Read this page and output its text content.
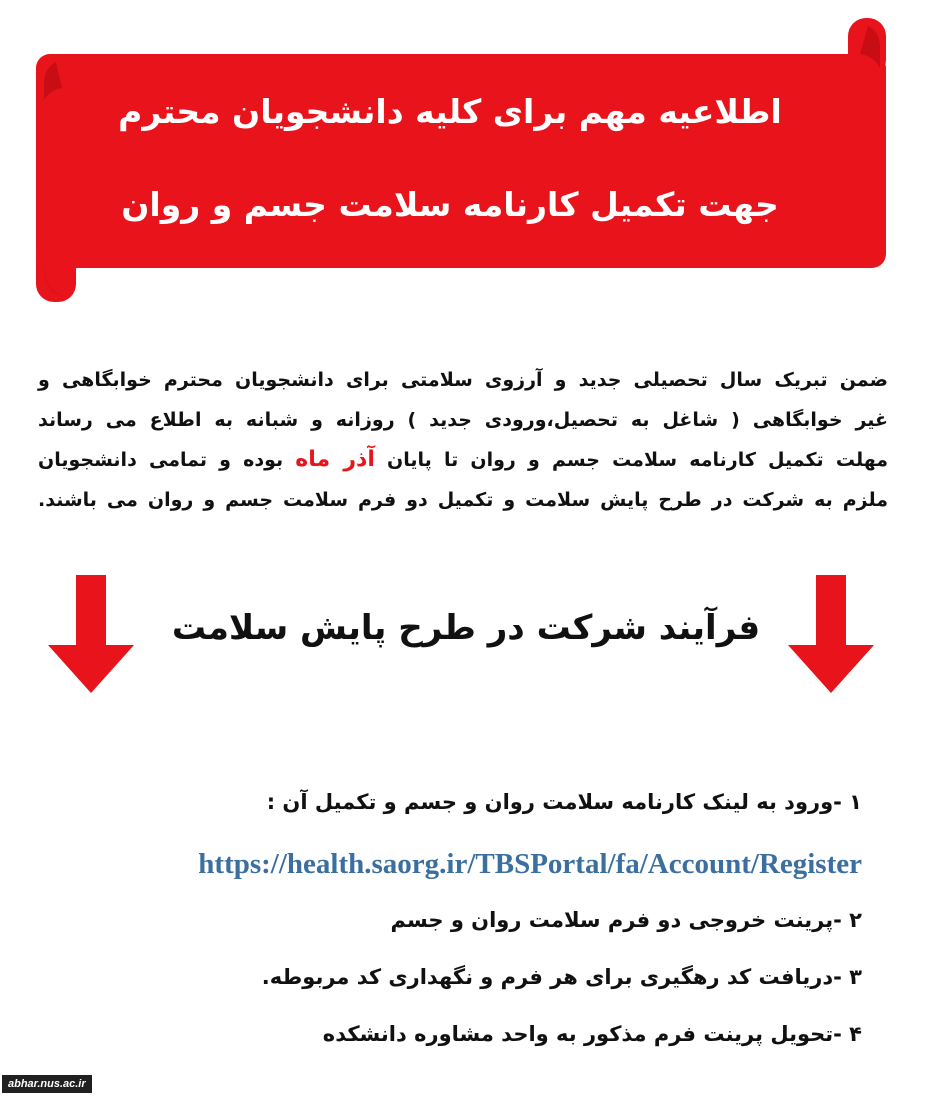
اطلاعیه مهم برای کلیه دانشجویان محترم
جهت تکمیل کارنامه سلامت جسم و روان
ضمن تبریک سال تحصیلی جدید و آرزوی سلامتی برای دانشجویان محترم خوابگاهی و
غیر خوابگاهی ( شاغل به تحصیل،ورودی جدید ) روزانه و شبانه به اطلاع می رساند
مهلت تکمیل کارنامه سلامت جسم و روان تا پایان آذر ماه بوده و تمامی دانشجویان
ملزم به شرکت در طرح پایش سلامت و تکمیل دو فرم سلامت جسم و روان می باشند.
فرآیند شرکت در طرح پایش سلامت
۱ -ورود به لینک کارنامه سلامت روان و جسم و تکمیل آن :
https://health.saorg.ir/TBSPortal/fa/Account/Register
۲ -پرینت خروجی دو فرم سلامت روان و جسم
۳ -دریافت کد رهگیری برای هر فرم و نگهداری کد مربوطه.
۴ -تحویل پرینت فرم مذکور به واحد مشاوره دانشکده
abhar.nus.ac.ir
